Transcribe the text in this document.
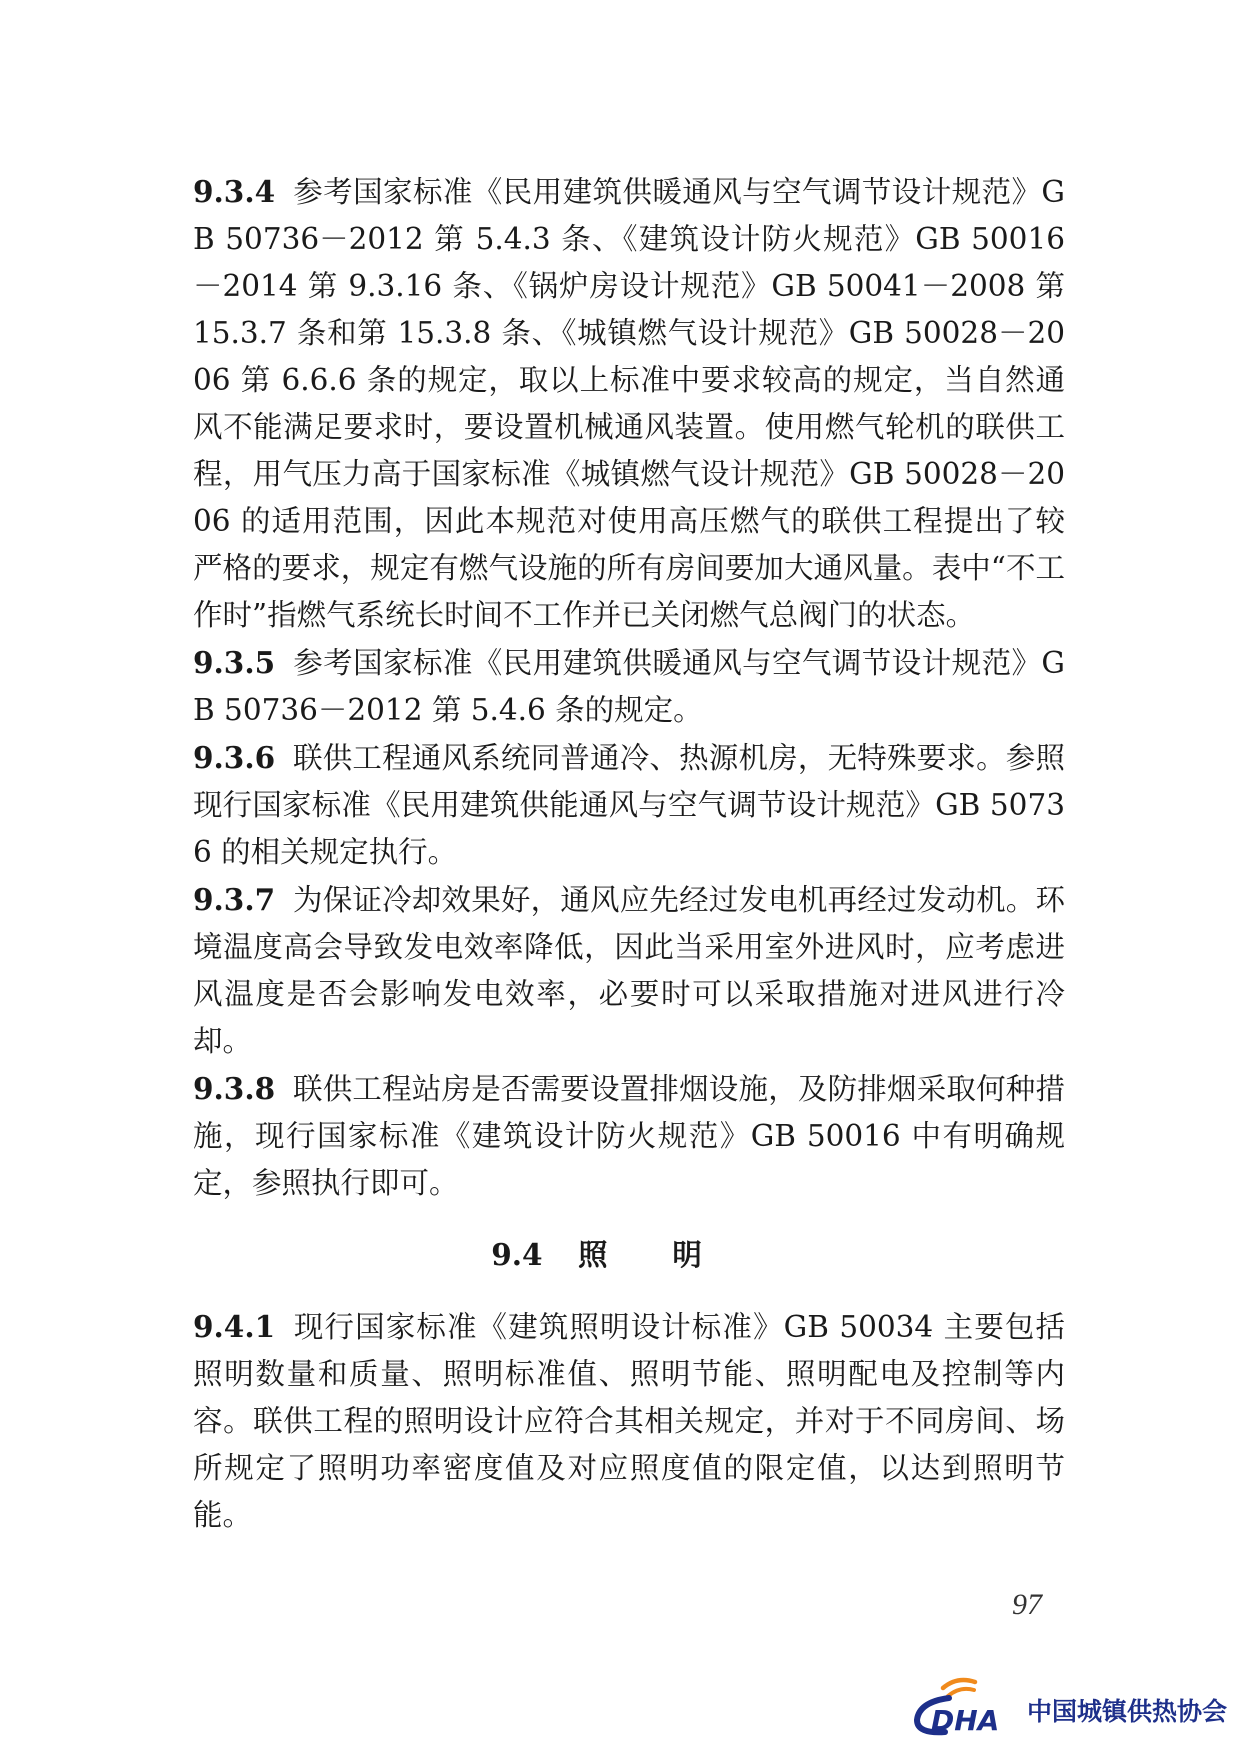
9.3.4 参考国家标准《民用建筑供暖通风与空气调节设计规范》GB 50736－2012 第 5.4.3 条、《建筑设计防火规范》GB 50016－2014 第 9.3.16 条、《锅炉房设计规范》GB 50041－2008 第 15.3.7 条和第 15.3.8 条、《城镇燃气设计规范》GB 50028－2006 第 6.6.6 条的规定，取以上标准中要求较高的规定，当自然通风不能满足要求时，要设置机械通风装置。使用燃气轮机的联供工程，用气压力高于国家标准《城镇燃气设计规范》GB 50028－2006 的适用范围，因此本规范对使用高压燃气的联供工程提出了较严格的要求，规定有燃气设施的所有房间要加大通风量。表中“不工作时”指燃气系统长时间不工作并已关闭燃气总阀门的状态。

9.3.5 参考国家标准《民用建筑供暖通风与空气调节设计规范》GB 50736－2012 第 5.4.6 条的规定。

9.3.6 联供工程通风系统同普通冷、热源机房，无特殊要求。参照现行国家标准《民用建筑供能通风与空气调节设计规范》GB 50736 的相关规定执行。

9.3.7 为保证冷却效果好，通风应先经过发电机再经过发动机。环境温度高会导致发电效率降低，因此当采用室外进风时，应考虑进风温度是否会影响发电效率，必要时可以采取措施对进风进行冷却。

9.3.8 联供工程站房是否需要设置排烟设施，及防排烟采取何种措施，现行国家标准《建筑设计防火规范》GB 50016 中有明确规定，参照执行即可。

9.4 照明

9.4.1 现行国家标准《建筑照明设计标准》GB 50034 主要包括照明数量和质量、照明标准值、照明节能、照明配电及控制等内容。联供工程的照明设计应符合其相关规定，并对于不同房间、场所规定了照明功率密度值及对应照度值的限定值，以达到照明节能。

97
DHA 中国城镇供热协会
